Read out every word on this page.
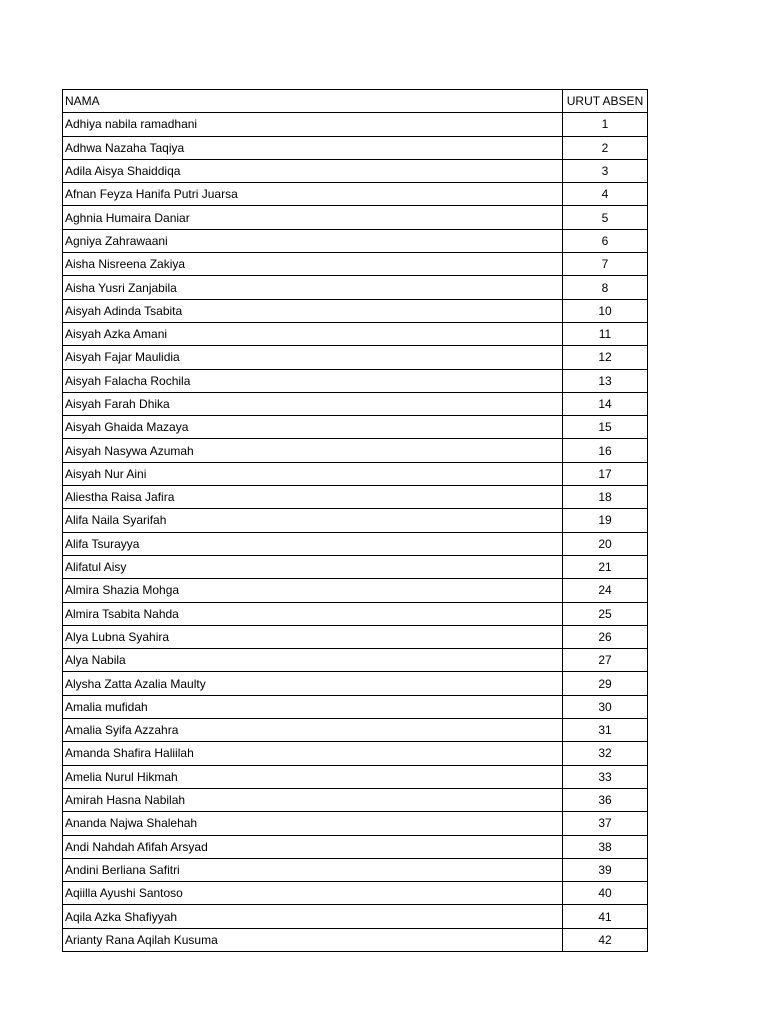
NAMA	URUT ABSEN
Adhiya nabila ramadhani	1
Adhwa Nazaha Taqiya	2
Adila Aisya Shaiddiqa	3
Afnan Feyza Hanifa Putri Juarsa	4
Aghnia Humaira Daniar	5
Agniya Zahrawaani	6
Aisha Nisreena Zakiya	7
Aisha Yusri Zanjabila	8
Aisyah Adinda Tsabita	10
Aisyah Azka Amani	11
Aisyah Fajar Maulidia	12
Aisyah Falacha Rochila	13
Aisyah Farah Dhika	14
Aisyah Ghaida Mazaya	15
Aisyah Nasywa Azumah	16
Aisyah Nur Aini	17
Aliestha Raisa Jafira	18
Alifa Naila Syarifah	19
Alifa Tsurayya	20
Alifatul Aisy	21
Almira Shazia Mohga	24
Almira Tsabita Nahda	25
Alya Lubna Syahira	26
Alya Nabila	27
Alysha Zatta Azalia Maulty	29
Amalia mufidah	30
Amalia Syifa Azzahra	31
Amanda Shafira Haliilah	32
Amelia Nurul Hikmah	33
Amirah Hasna Nabilah	36
Ananda Najwa Shalehah	37
Andi Nahdah Afifah Arsyad	38
Andini Berliana Safitri	39
Aqiilla Ayushi Santoso	40
Aqila Azka Shafiyyah	41
Arianty Rana Aqilah Kusuma	42
